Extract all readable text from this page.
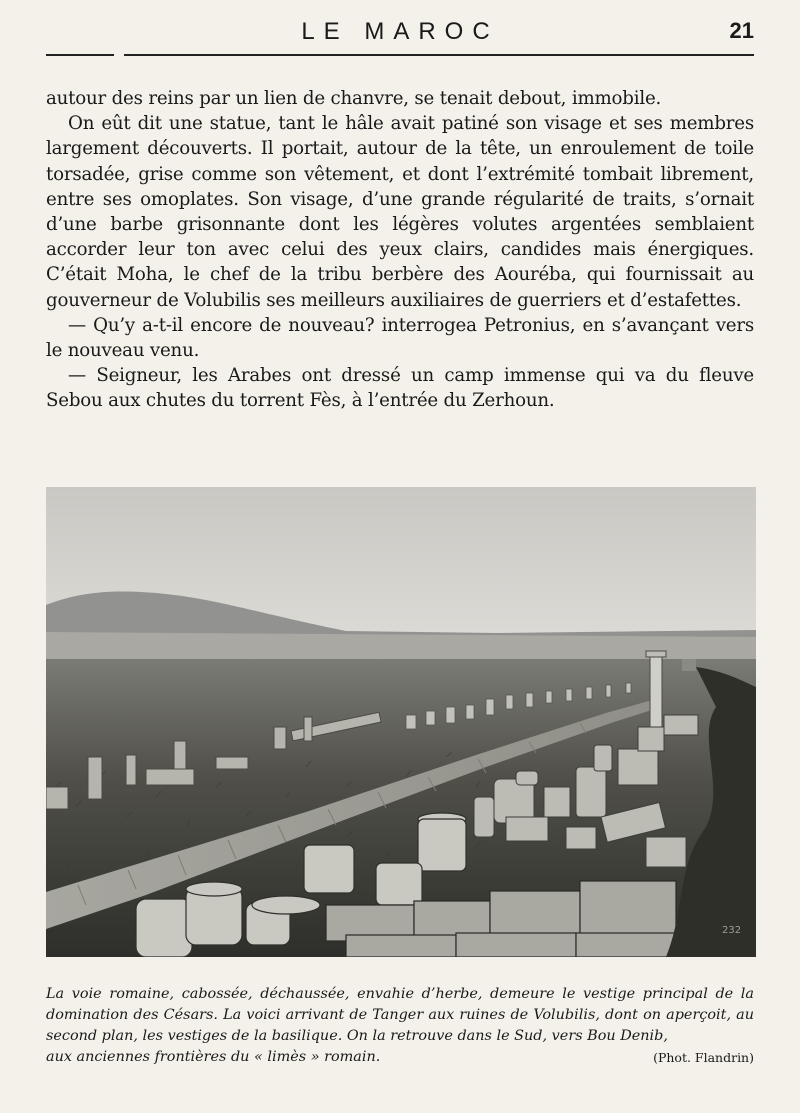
LE MAROC	21

autour des reins par un lien de chanvre, se tenait debout, immobile.

On eût dit une statue, tant le hâle avait patiné son visage et ses membres largement découverts. Il portait, autour de la tête, un enroulement de toile torsadée, grise comme son vêtement, et dont l’extrémité tombait librement, entre ses omoplates. Son visage, d’une grande régularité de traits, s’ornait d’une barbe grisonnante dont les légères volutes argentées semblaient accorder leur ton avec celui des yeux clairs, candides mais énergiques. C’était Moha, le chef de la tribu berbère des Aouréba, qui fournissait au gouverneur de Volubilis ses meilleurs auxiliaires de guerriers et d’estafettes.

— Qu’y a-t-il encore de nouveau? interrogea Petronius, en s’avançant vers le nouveau venu.

— Seigneur, les Arabes ont dressé un camp immense qui va du fleuve Sebou aux chutes du torrent Fès, à l’entrée du Zerhoun.

232
La voie romaine, cabossée, déchaussée, envahie d’herbe, demeure le vestige principal de la domination des Césars. La voici arrivant de Tanger aux ruines de Volubilis, dont on aperçoit, au second plan, les vestiges de la basilique. On la retrouve dans le Sud, vers Bou Denib,
aux anciennes frontières du « limès » romain.	(Phot. Flandrin)
